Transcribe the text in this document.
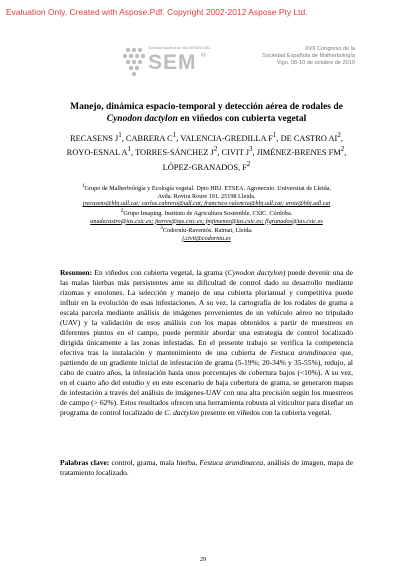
Evaluation Only. Created with Aspose.Pdf. Copyright 2002-2012 Aspose Pty Ltd.
Sociedad Española de MALHERBOLOGÍA
SEM H
XVII Congreso de la
Sociedad Española de Malherbología
Vigo, 08-10 de octubre de 2019
Manejo, dinámica espacio-temporal y detección aérea de rodales de
Cynodon dactylon en viñedos con cubierta vegetal
RECASENS $J^1$, CABRERA $C^1$, VALENCIA-GREDILLA $F^1$, DE CASTRO $AI^2$,
ROYO-ESNAL $A^1$, TORRES-SÁNCHEZ $J^2$, CIVIT $J^3$, JIMÉNEZ-BRENES $FM^2$,
LÓPEZ-GRANADOS, $F^2$
$^1$Grupo de Malherbología y Ecología vegetal. Dpto HBJ. ETSEA. Agrotecnio. Universitat de Lleida.
Avda. Rovira Roure 191. 25198 Lleida.
jrecasens@hbj.udl.cat; carlos.cabrera@udl.cat; francisco.valencia@hbj.udl.cat; aroiz@hbj.udl.cat
$^2$Grupo Imaping. Instituto de Agricultura Sostenible. CSIC. Córdoba.
anadecastro@ias.csic.es; jtorres@ias.csic.es; fmjimenez@ias.csic.es; flgranados@ias.csic.es
$^3$Codorníu-Raventós. Raimat, Lleida.
j.civit@codorniu.es
Resumen: En viñedos con cubierta vegetal, la grama (Cynodon dactylon) puede devenir una de las malas hierbas más persistentes ante su dificultad de control dado su desarrollo mediante rizomas y estolones. La selección y manejo de una cubierta plurianual y competitiva puede influir en la evolución de esas infestaciones. A su vez, la cartografía de los rodales de grama a escala parcela mediante análisis de imágenes provenientes de un vehículo aéreo no tripulado (UAV) y la validación de esos análisis con los mapas obtenidos a partir de muestreos en diferentes puntos en el campo, puede permitir abordar una estrategia de control localizado dirigida únicamente a las zonas infestadas. En el presente trabajo se verifica la competencia efectiva tras la instalación y mantenimiento de una cubierta de Festuca arundinacea que, partiendo de un gradiente inicial de infestación de grama (5-19%; 20-34% y 35-55%), redujo, al cabo de cuatro años, la infestación hasta unos porcentajes de cobertura bajos (<10%). A su vez, en el cuarto año del estudio y en este escenario de baja cobertura de grama, se generaron mapas de infestación a través del análisis de imágenes-UAV con una alta precisión según los muestreos de campo (> 62%). Estos resultados ofrecen una herramienta robusta al viticultor para diseñar un programa de control localizado de C. dactylon presente en viñedos con la cubierta vegetal.
Palabras clave: control, grama, mala hierba, Festuca arundinacea, análisis de imagen, mapa de tratamiento localizado.
29
